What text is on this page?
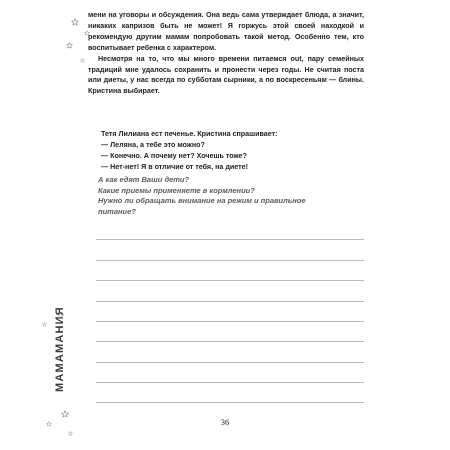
мени на уговоры и обсуждения. Она ведь сама утверждает блюда, а значит, никаких капризов быть не может! Я горжусь этой своей находкой и рекомендую другим мамам попробовать такой метод. Особенно тем, кто воспитывает ребенка с характером.

Несмотря на то, что мы много времени питаемся out, пару семейных традиций мне удалось сохранить и пронести через годы. Не считая поста или диеты, у нас всегда по субботам сырники, а по воскресеньям — блины. Кристина выбирает.

Тетя Лилиана ест печенье. Кристина спрашивает:
— Леляна, а тебе это можно?
— Конечно. А почему нет? Хочешь тоже?
— Нет-нет! Я в отличие от тебя, на диете!
А как едят Ваши дети?
Какие приемы применяете в кормлении?
Нужно ли обращать внимание на режим и правильное
питание?
МАМАМАНИЯ
36
